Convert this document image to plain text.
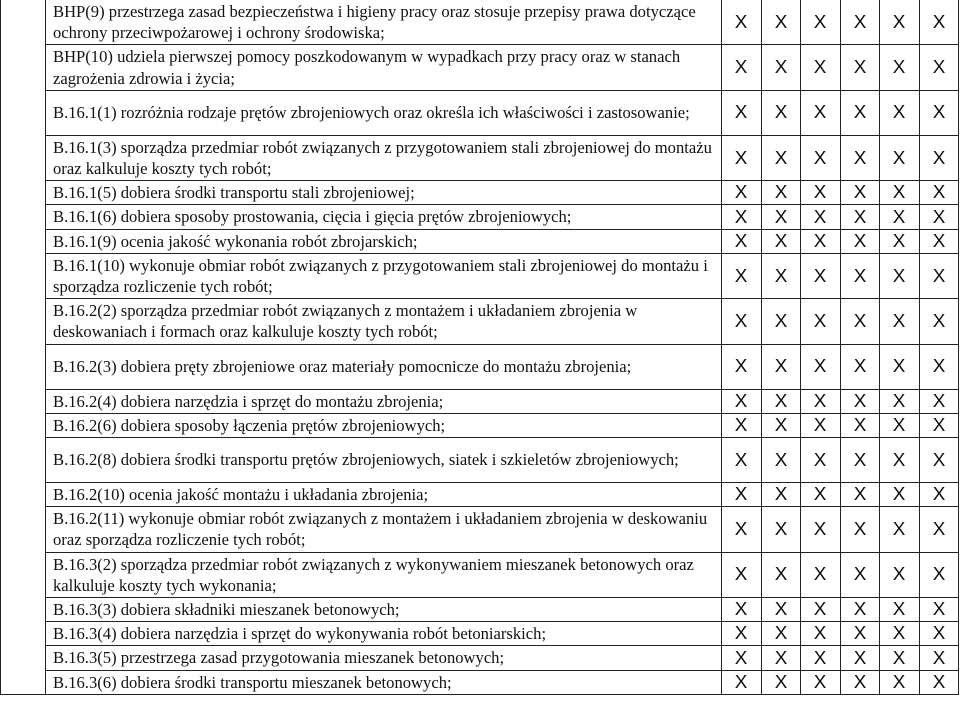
	BHP(9) przestrzega zasad bezpieczeństwa i higieny pracy oraz stosuje przepisy prawa dotyczące ochrony przeciwpożarowej i ochrony środowiska;	X	X	X	X	X	X
	BHP(10) udziela pierwszej pomocy poszkodowanym w wypadkach przy pracy oraz w stanach zagrożenia zdrowia i życia;	X	X	X	X	X	X
	B.16.1(1) rozróżnia rodzaje prętów zbrojeniowych oraz określa ich właściwości i zastosowanie;	X	X	X	X	X	X
	B.16.1(3) sporządza przedmiar robót związanych z przygotowaniem stali zbrojeniowej do montażu oraz kalkuluje koszty tych robót;	X	X	X	X	X	X
	B.16.1(5) dobiera środki transportu stali zbrojeniowej;	X	X	X	X	X	X
	B.16.1(6) dobiera sposoby prostowania, cięcia i gięcia prętów zbrojeniowych;	X	X	X	X	X	X
	B.16.1(9) ocenia jakość wykonania robót zbrojarskich;	X	X	X	X	X	X
	B.16.1(10) wykonuje obmiar robót związanych z przygotowaniem stali zbrojeniowej do montażu i sporządza rozliczenie tych robót;	X	X	X	X	X	X
	B.16.2(2) sporządza przedmiar robót związanych z montażem i układaniem zbrojenia w deskowaniach i formach oraz kalkuluje koszty tych robót;	X	X	X	X	X	X
	B.16.2(3) dobiera pręty zbrojeniowe oraz materiały pomocnicze do montażu zbrojenia;	X	X	X	X	X	X
	B.16.2(4) dobiera narzędzia i sprzęt do montażu zbrojenia;	X	X	X	X	X	X
	B.16.2(6) dobiera sposoby łączenia prętów zbrojeniowych;	X	X	X	X	X	X
	B.16.2(8) dobiera środki transportu prętów zbrojeniowych, siatek i szkieletów zbrojeniowych;	X	X	X	X	X	X
	B.16.2(10) ocenia jakość montażu i układania zbrojenia;	X	X	X	X	X	X
	B.16.2(11) wykonuje obmiar robót związanych z montażem i układaniem zbrojenia w deskowaniu oraz sporządza rozliczenie tych robót;	X	X	X	X	X	X
	B.16.3(2) sporządza przedmiar robót związanych z wykonywaniem mieszanek betonowych oraz kalkuluje koszty tych wykonania;	X	X	X	X	X	X
	B.16.3(3) dobiera składniki mieszanek betonowych;	X	X	X	X	X	X
	B.16.3(4) dobiera narzędzia i sprzęt do wykonywania robót betoniarskich;	X	X	X	X	X	X
	B.16.3(5) przestrzega zasad przygotowania mieszanek betonowych;	X	X	X	X	X	X
	B.16.3(6) dobiera środki transportu mieszanek betonowych;	X	X	X	X	X	X
